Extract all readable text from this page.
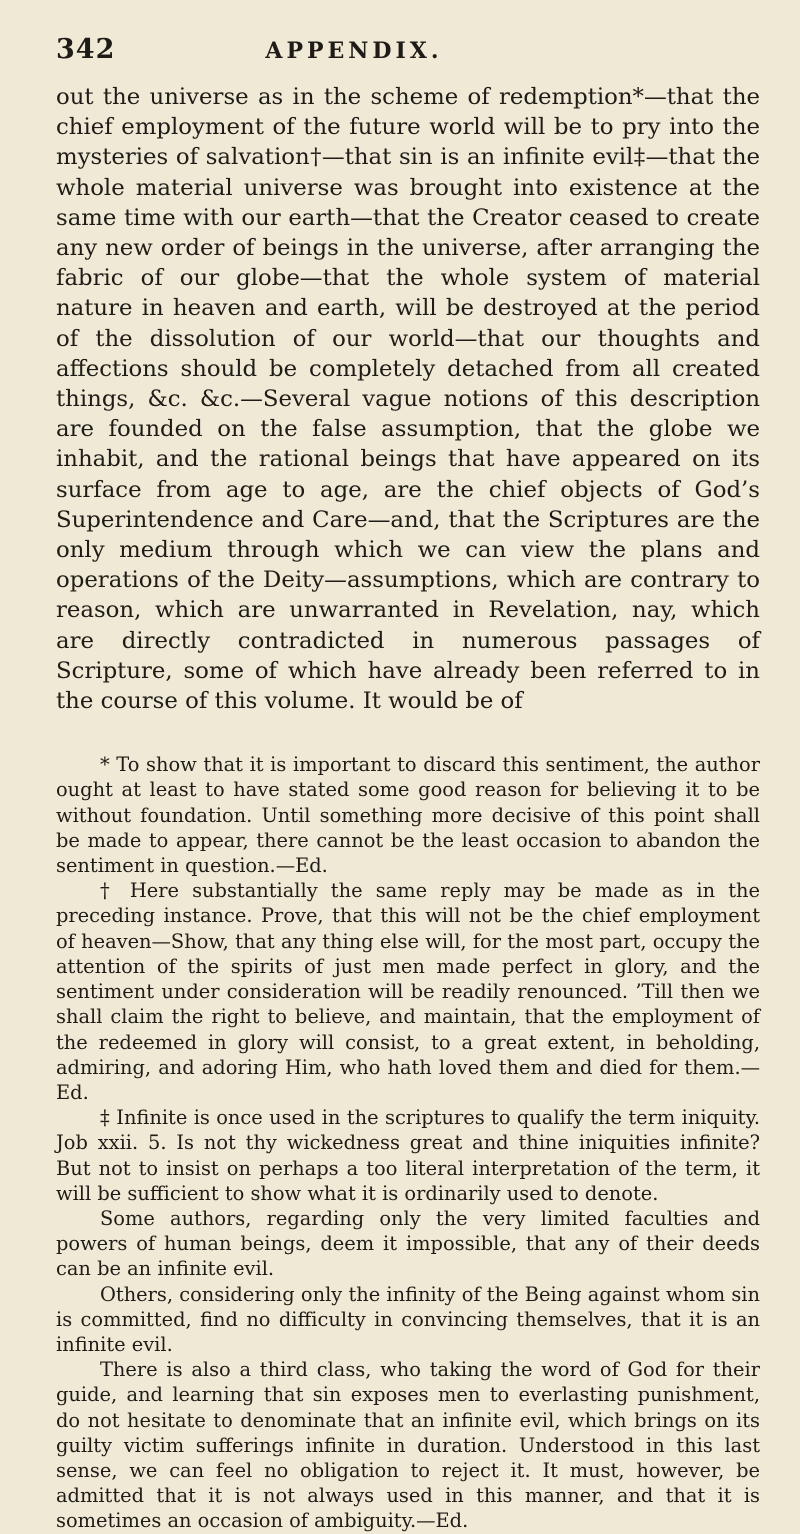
342	APPENDIX.

out the universe as in the scheme of redemption*—that the chief employment of the future world will be to pry into the mysteries of salvation†—that sin is an infinite evil‡—that the whole material universe was brought into existence at the same time with our earth—that the Creator ceased to create any new order of beings in the universe, after arranging the fabric of our globe—that the whole system of material nature in heaven and earth, will be destroyed at the period of the dissolution of our world—that our thoughts and affections should be completely detached from all created things, &c. &c.—Several vague notions of this description are founded on the false assumption, that the globe we inhabit, and the rational beings that have appeared on its surface from age to age, are the chief objects of God’s Superintendence and Care—and, that the Scriptures are the only medium through which we can view the plans and operations of the Deity—assumptions, which are contrary to reason, which are unwarranted in Revelation, nay, which are directly contradicted in numerous passages of Scripture, some of which have already been referred to in the course of this volume. It would be of

* To show that it is important to discard this sentiment, the author ought at least to have stated some good reason for believing it to be without foundation. Until something more decisive of this point shall be made to appear, there cannot be the least occasion to abandon the sentiment in question.—Ed.

† Here substantially the same reply may be made as in the preceding instance. Prove, that this will not be the chief employment of heaven—Show, that any thing else will, for the most part, occupy the attention of the spirits of just men made perfect in glory, and the sentiment under consideration will be readily renounced. ’Till then we shall claim the right to believe, and maintain, that the employment of the redeemed in glory will consist, to a great extent, in beholding, admiring, and adoring Him, who hath loved them and died for them.—Ed.

‡ Infinite is once used in the scriptures to qualify the term iniquity. Job xxii. 5. Is not thy wickedness great and thine iniquities infinite? But not to insist on perhaps a too literal interpretation of the term, it will be sufficient to show what it is ordinarily used to denote.

Some authors, regarding only the very limited faculties and powers of human beings, deem it impossible, that any of their deeds can be an infinite evil.

Others, considering only the infinity of the Being against whom sin is committed, find no difficulty in convincing themselves, that it is an infinite evil.

There is also a third class, who taking the word of God for their guide, and learning that sin exposes men to everlasting punishment, do not hesitate to denominate that an infinite evil, which brings on its guilty victim sufferings infinite in duration. Understood in this last sense, we can feel no obligation to reject it. It must, however, be admitted that it is not always used in this manner, and that it is sometimes an occasion of ambiguity.—Ed.
